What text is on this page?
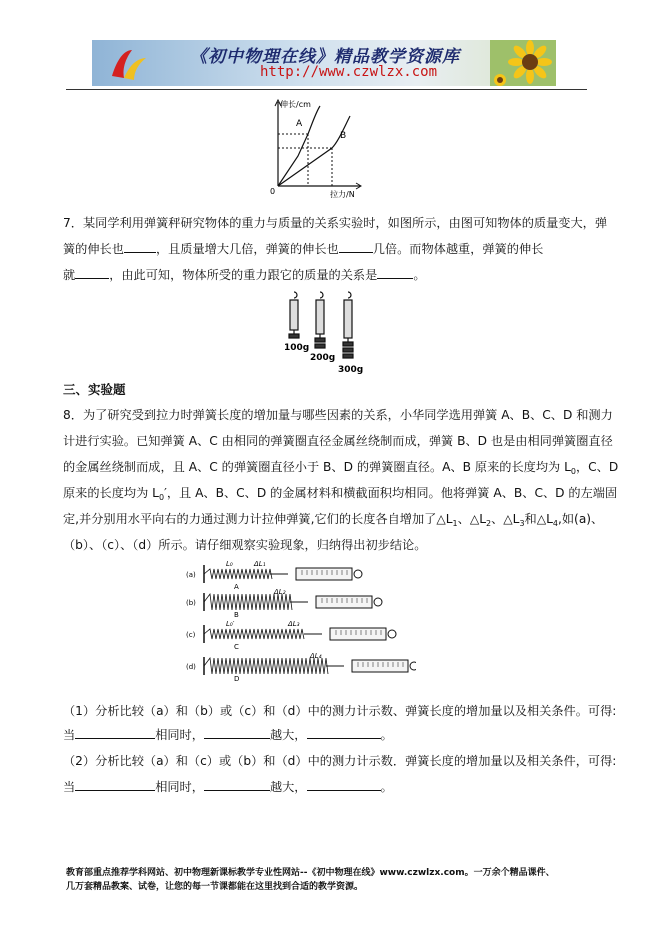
《初中物理在线》精品教学资源库
http://www.czwlzx.com
伸长/cm
拉力/N
0
A
B
7．某同学利用弹簧秤研究物体的重力与质量的关系实验时，如图所示，由图可知物体的质量变大，弹
簧的伸长也	，且质量增大几倍，弹簧的伸长也	几倍。而物体越重，弹簧的伸长
就	，由此可知，物体所受的重力跟它的质量的关系是	。
100g
200g
300g
三、实验题
8．为了研究受到拉力时弹簧长度的增加量与哪些因素的关系，小华同学选用弹簧 A、B、C、D 和测力
计进行实验。已知弹簧 A、C 由相同的弹簧圈直径金属丝绕制而成，弹簧 B、D 也是由相同弹簧圈直径
的金属丝绕制而成，且 A、C 的弹簧圈直径小于 B、D 的弹簧圈直径。A、B 原来的长度均为 $L_0$，C、D
原来的长度均为 $L_0'$，且 A、B、C、D 的金属材料和横截面积均相同。他将弹簧 A、B、C、D 的左端固
定,并分别用水平向右的力通过测力计拉伸弹簧,它们的长度各自增加了$\triangle L_1$、$\triangle L_2$、$\triangle L_3$和$\triangle L_4$,如(a)、
（b）、（c）、（d）所示。请仔细观察实验现象，归纳得出初步结论。
(a)
A
L₀	ΔL₁
(b)
B
ΔL₂
(c)
C
L₀′	ΔL₃
(d)
D
ΔL₄
（1）分析比较（a）和（b）或（c）和（d）中的测力计示数、弹簧长度的增加量以及相关条件。可得:
当	相同时，	越大，	。
（2）分析比较（a）和（c）或（b）和（d）中的测力计示数．弹簧长度的增加量以及相关条件，可得:
当	相同时，	越大，	。
教育部重点推荐学科网站、初中物理新课标教学专业性网站--《初中物理在线》www.czwlzx.com。一万余个精品课件、
几万套精品教案、试卷，让您的每一节课都能在这里找到合适的教学资源。
